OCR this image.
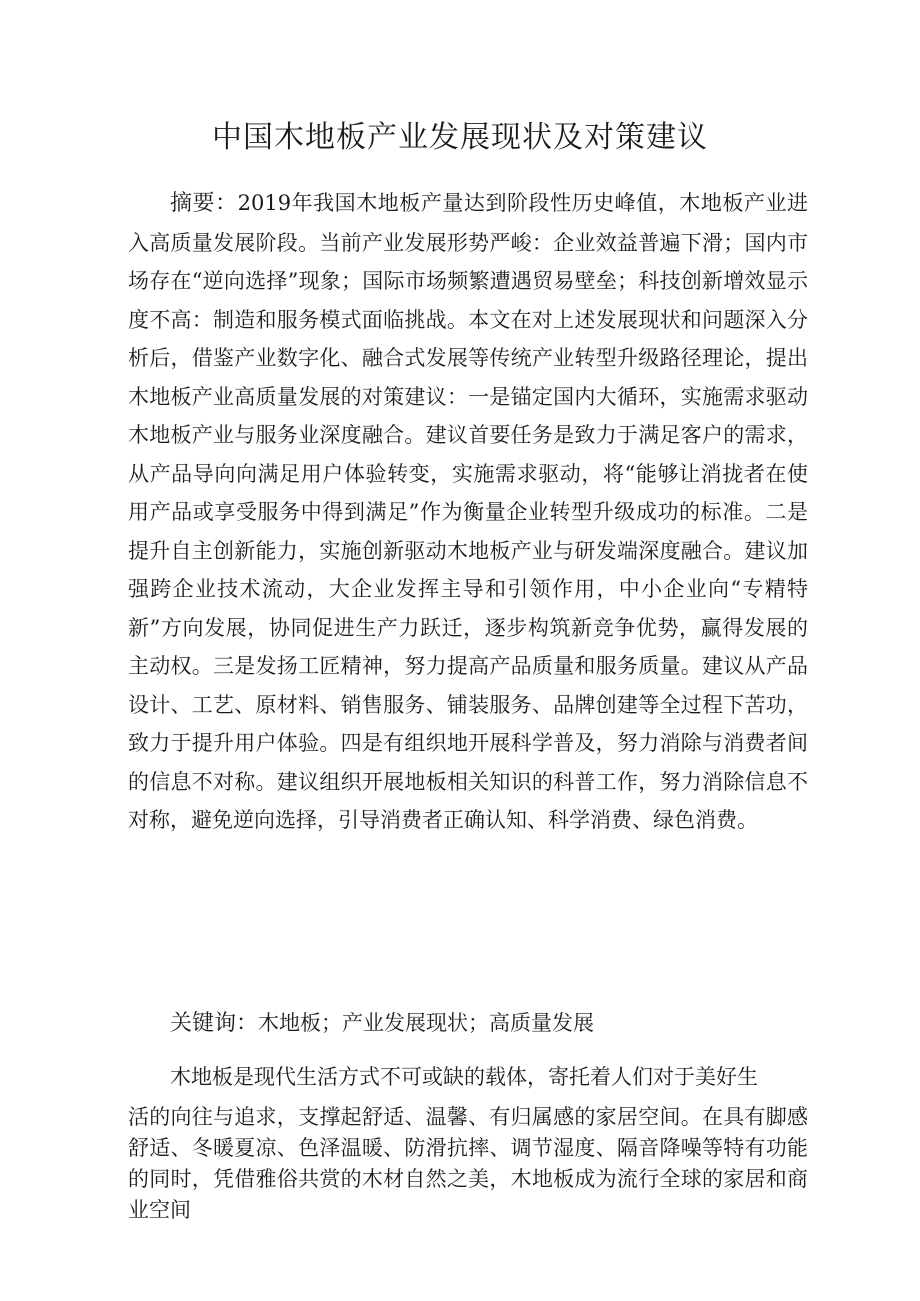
中国木地板产业发展现状及对策建议

摘要：2019年我国木地板产量达到阶段性历史峰值，木地板产业进入高质量发展阶段。当前产业发展形势严峻：企业效益普遍下滑；国内市场存在“逆向选择”现象；国际市场频繁遭遇贸易壁垒；科技创新增效显示度不高：制造和服务模式面临挑战。本文在对上述发展现状和问题深入分析后，借鉴产业数字化、融合式发展等传统产业转型升级路径理论，提出木地板产业高质量发展的对策建议：一是锚定国内大循环，实施需求驱动木地板产业与服务业深度融合。建议首要任务是致力于满足客户的需求，从产品导向向满足用户体验转变，实施需求驱动，将“能够让消拢者在使用产品或享受服务中得到满足”作为衡量企业转型升级成功的标准。二是提升自主创新能力，实施创新驱动木地板产业与研发端深度融合。建议加强跨企业技术流动，大企业发挥主导和引领作用，中小企业向“专精特新”方向发展，协同促进生产力跃迁，逐步构筑新竞争优势，赢得发展的主动权。三是发扬工匠精神，努力提高产品质量和服务质量。建议从产品设计、工艺、原材料、销售服务、铺装服务、品牌创建等全过程下苦功，致力于提升用户体验。四是有组织地开展科学普及，努力消除与消费者间的信息不对称。建议组织开展地板相关知识的科普工作，努力消除信息不对称，避免逆向选择，引导消费者正确认知、科学消费、绿色消费。

关键询：木地板；产业发展现状；高质量发展

木地板是现代生活方式不可或缺的载体，寄托着人们对于美好生

活的向往与追求，支撑起舒适、温馨、有归属感的家居空间。在具有脚感舒适、冬暖夏凉、色泽温暖、防滑抗摔、调节湿度、隔音降噪等特有功能的同时，凭借雅俗共赏的木材自然之美，木地板成为流行全球的家居和商业空间
